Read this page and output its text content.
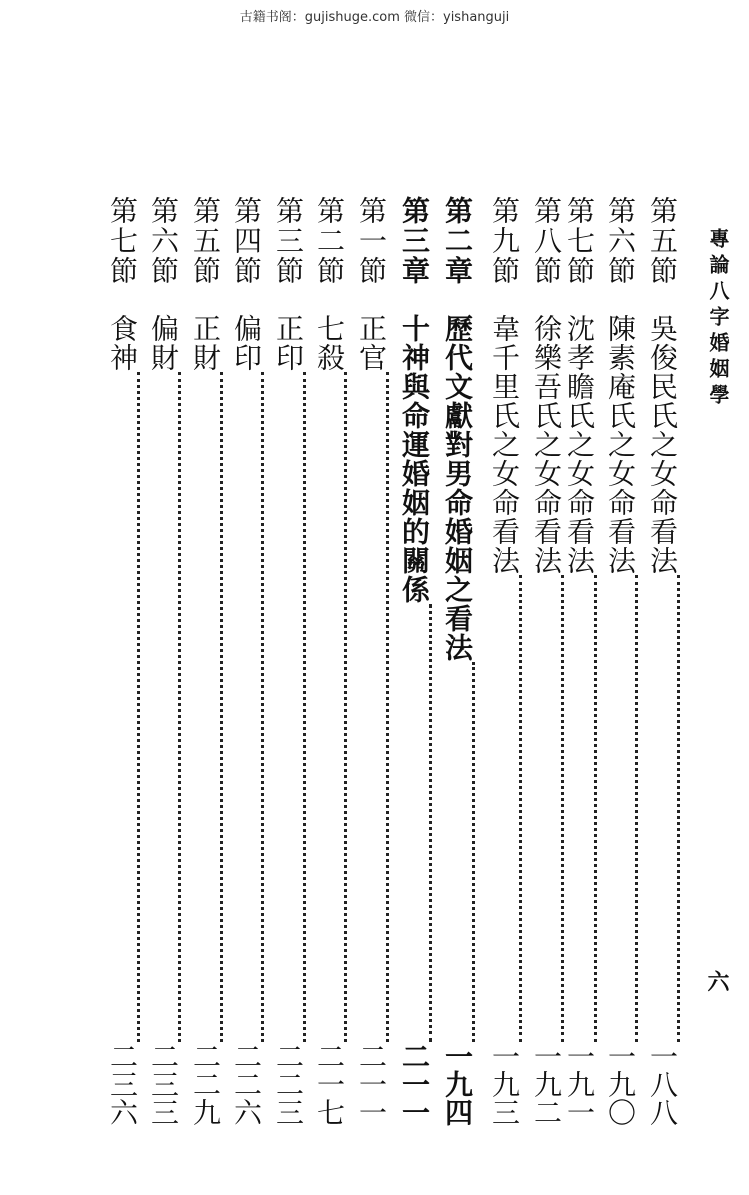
古籍书阁：gujishuge.com 微信：yishanguji
專論八字婚姻學
六
第五節
吳俊民氏之女命看法
一八八
第六節
陳素庵氏之女命看法
一九〇
第七節
沈孝瞻氏之女命看法
一九一
第八節
徐樂吾氏之女命看法
一九二
第九節
韋千里氏之女命看法
一九三
第二章
歷代文獻對男命婚姻之看法
一九四
第三章
十神與命運婚姻的關係
二一一
第一節
正官
二一一
第二節
七殺
二一七
第三節
正印
二二三
第四節
偏印
二二六
第五節
正財
二二九
第六節
偏財
二三三
第七節
食神
二三六
